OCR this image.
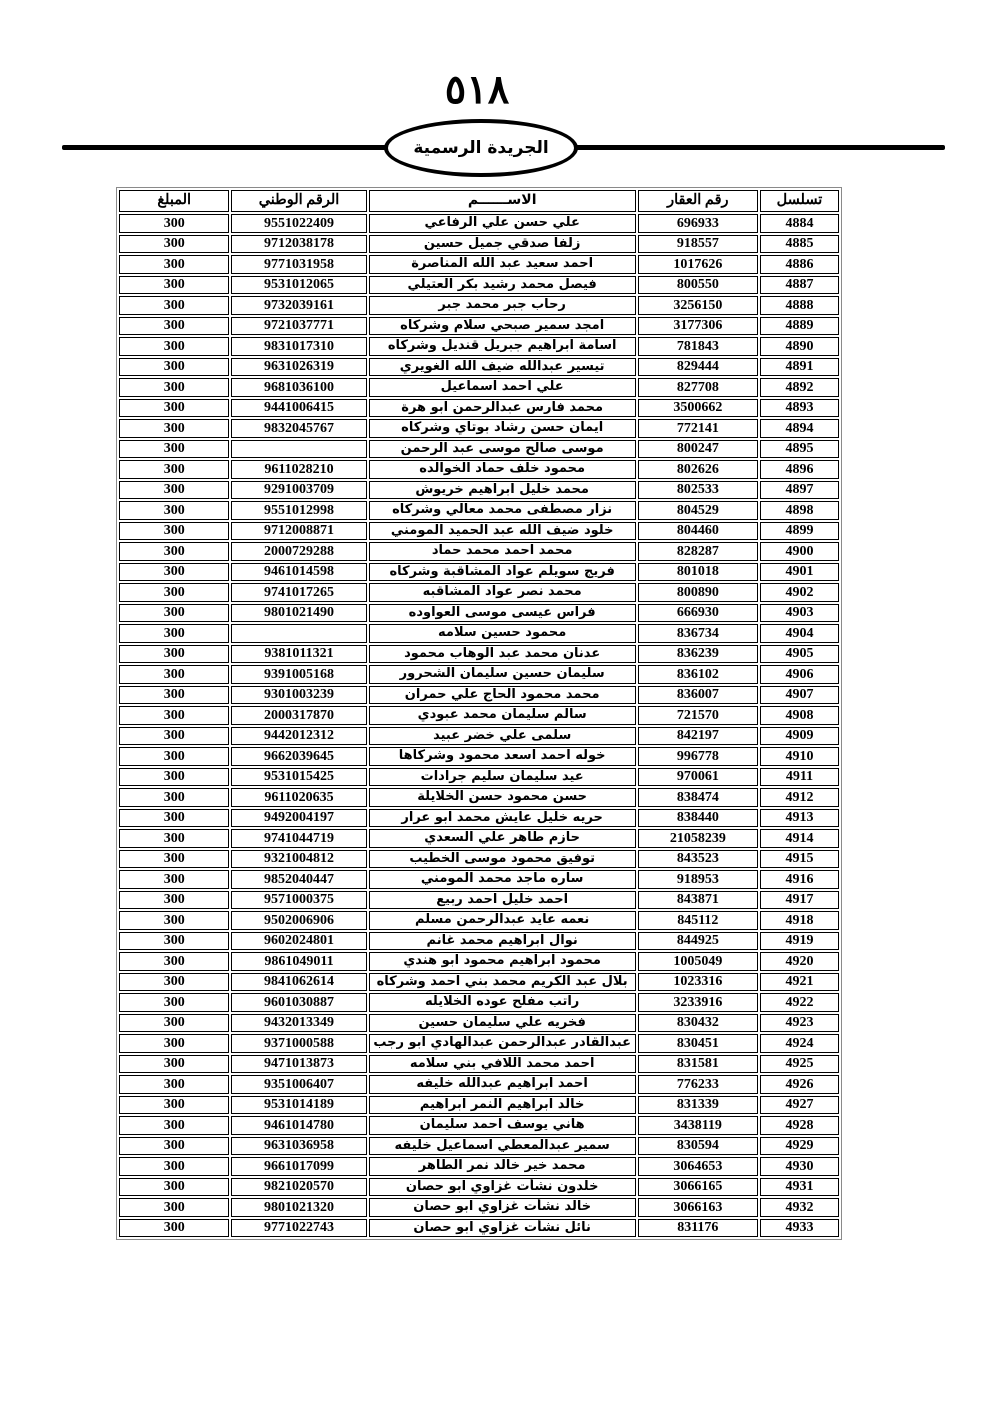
٥١٨
الجريدة الرسمية
تسلسل	رقم العقار	الاســــــم	الرقم الوطني	المبلغ
4884	696933	علي حسن علي الرفاعي	9551022409	300
4885	918557	زلفا صدقي جميل حسين	9712038178	300
4886	1017626	احمد سعيد عبد الله المناصرة	9771031958	300
4887	800550	فيصل محمد رشيد بكر العتيلي	9531012065	300
4888	3256150	رحاب جبر محمد جبر	9732039161	300
4889	3177306	امجد سمير صبحي سلام وشركاه	9721037771	300
4890	781843	اسامة ابراهيم جبريل قنديل وشركاه	9831017310	300
4891	829444	تيسير عبدالله ضيف الله الغويري	9631026319	300
4892	827708	علي احمد اسماعيل	9681036100	300
4893	3500662	محمد فارس عبدالرحمن ابو هرة	9441006415	300
4894	772141	ايمان حسن رشاد بوتاي وشركاه	9832045767	300
4895	800247	موسى صالح موسى عبد الرحمن		300
4896	802626	محمود خلف حماد الخوالده	9611028210	300
4897	802533	محمد خليل ابراهيم خريوش	9291003709	300
4898	804529	نزار مصطفى محمد معالي وشركاه	9551012998	300
4899	804460	خلود ضيف الله عبد الحميد المومني	9712008871	300
4900	828287	محمد احمد محمد حماد	2000729288	300
4901	801018	فريج سويلم عواد المشاقبة وشركاه	9461014598	300
4902	800890	محمد نصر عواد المشاقبه	9741017265	300
4903	666930	فراس عيسى موسى العواوده	9801021490	300
4904	836734	محمود حسين سلامه		300
4905	836239	عدنان محمد عبد الوهاب محمود	9381011321	300
4906	836102	سليمان حسين سليمان الشحرور	9391005168	300
4907	836007	محمد محمود الحاج علي حمران	9301003239	300
4908	721570	سالم سليمان محمد عبودي	2000317870	300
4909	842197	سلمى علي خضر عبيد	9442012312	300
4910	996778	خوله احمد اسعد محمود وشركاها	9662039645	300
4911	970061	عيد سليمان سليم جرادات	9531015425	300
4912	838474	حسن محمود حسن الخلايلة	9611020635	300
4913	838440	حريه خليل عايش محمد ابو عرار	9492004197	300
4914	21058239	حازم طاهر علي السعدي	9741044719	300
4915	843523	توفيق محمود موسى الخطيب	9321004812	300
4916	918953	ساره ماجد محمد المومني	9852040447	300
4917	843871	احمد خليل احمد ربيع	9571000375	300
4918	845112	نعمه عايد عبدالرحمن مسلم	9502006906	300
4919	844925	نوال ابراهيم محمد غانم	9602024801	300
4920	1005049	محمود ابراهيم محمود ابو هندي	9861049011	300
4921	1023316	بلال عبد الكريم محمد بني احمد وشركاه	9841062614	300
4922	3233916	راتب مفلح عوده الخلايله	9601030887	300
4923	830432	فخريه علي سليمان حسين	9432013349	300
4924	830451	عبدالقادر عبدالرحمن عبدالهادي ابو رجب	9371000588	300
4925	831581	احمد محمد اللافي بني سلامه	9471013873	300
4926	776233	احمد ابراهيم عبدالله خليفه	9351006407	300
4927	831339	خالد ابراهيم النمر ابراهيم	9531014189	300
4928	3438119	هاني يوسف احمد سليمان	9461014780	300
4929	830594	سمير عبدالمعطي اسماعيل خليفه	9631036958	300
4930	3064653	محمد خير خالد نمر الطاهر	9661017099	300
4931	3066165	خلدون نشأت غزاوي ابو حصان	9821020570	300
4932	3066163	خالد نشأت غزاوي ابو حصان	9801021320	300
4933	831176	نائل نشأت غزاوي ابو حصان	9771022743	300
